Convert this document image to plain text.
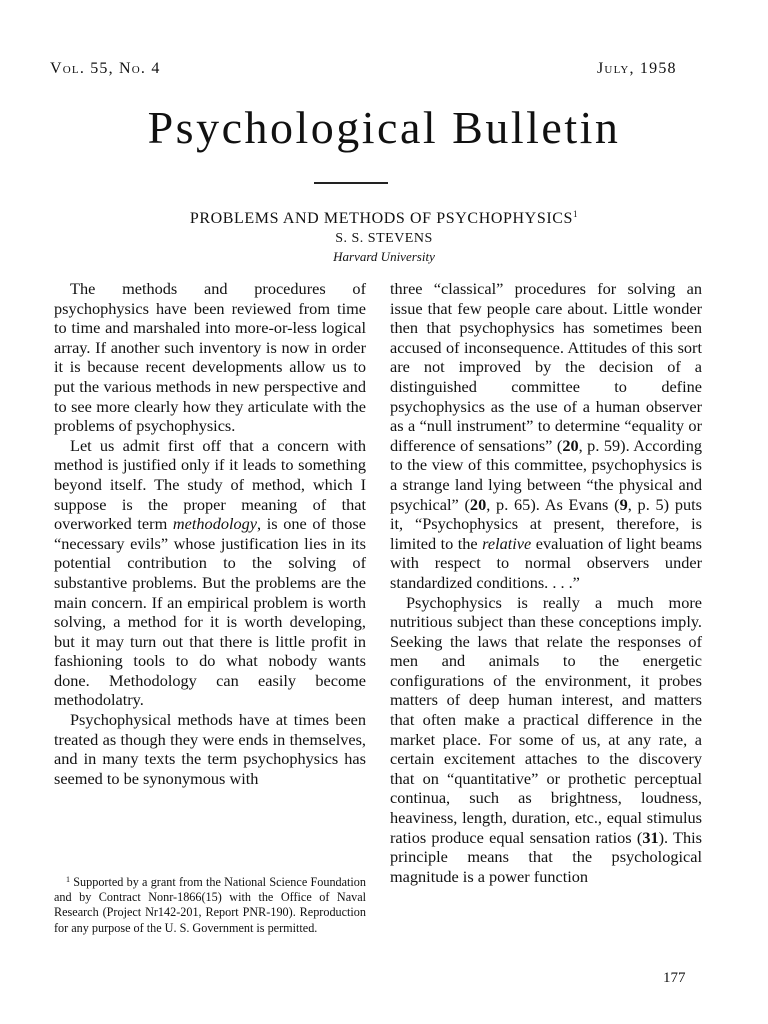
Vol. 55, No. 4	July, 1958
Psychological Bulletin
PROBLEMS AND METHODS OF PSYCHOPHYSICS$^1$
S. S. STEVENS
Harvard University

The methods and procedures of psychophysics have been reviewed from time to time and marshaled into more-or-less logical array. If another such inventory is now in order it is because recent developments allow us to put the various methods in new perspective and to see more clearly how they articulate with the problems of psychophysics.

Let us admit first off that a concern with method is justified only if it leads to something beyond itself. The study of method, which I suppose is the proper meaning of that overworked term methodology, is one of those “necessary evils” whose justification lies in its potential contribution to the solving of substantive problems. But the problems are the main concern. If an empirical problem is worth solving, a method for it is worth developing, but it may turn out that there is little profit in fashioning tools to do what nobody wants done. Methodology can easily become methodolatry.

Psychophysical methods have at times been treated as though they were ends in themselves, and in many texts the term psychophysics has seemed to be synonymous with

three “classical” procedures for solving an issue that few people care about. Little wonder then that psychophysics has sometimes been accused of inconsequence. Attitudes of this sort are not improved by the decision of a distinguished committee to define psychophysics as the use of a human observer as a “null instrument” to determine “equality or difference of sensations” (20, p. 59). According to the view of this committee, psychophysics is a strange land lying between “the physical and psychical” (20, p. 65). As Evans (9, p. 5) puts it, “Psychophysics at present, therefore, is limited to the relative evaluation of light beams with respect to normal observers under standardized conditions. . . .”

Psychophysics is really a much more nutritious subject than these conceptions imply. Seeking the laws that relate the responses of men and animals to the energetic configurations of the environment, it probes matters of deep human interest, and matters that often make a practical difference in the market place. For some of us, at any rate, a certain excitement attaches to the discovery that on “quantitative” or prothetic perceptual continua, such as brightness, loudness, heaviness, length, duration, etc., equal stimulus ratios produce equal sensation ratios (31). This principle means that the psychological magnitude is a power function

$^1$ Supported by a grant from the National Science Foundation and by Contract Nonr-1866(15) with the Office of Naval Research (Project Nr142-201, Report PNR-190). Reproduction for any purpose of the U. S. Government is permitted.

177
